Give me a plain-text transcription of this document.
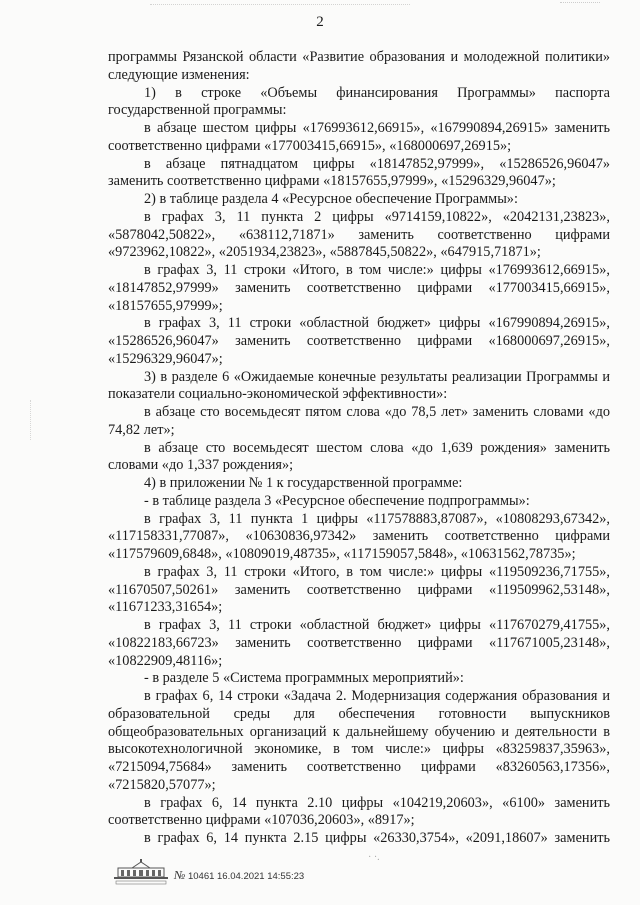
2

программы Рязанской области «Развитие образования и молодежной политики» следующие изменения:

1) в строке «Объемы финансирования Программы» паспорта государственной программы:

в абзаце шестом цифры «176993612,66915», «167990894,26915» заменить соответственно цифрами «177003415,66915», «168000697,26915»;

в абзаце пятнадцатом цифры «18147852,97999», «15286526,96047» заменить соответственно цифрами «18157655,97999», «15296329,96047»;

2) в таблице раздела 4 «Ресурсное обеспечение Программы»:

в графах 3, 11 пункта 2 цифры «9714159,10822», «2042131,23823», «5878042,50822», «638112,71871» заменить соответственно цифрами «9723962,10822», «2051934,23823», «5887845,50822», «647915,71871»;

в графах 3, 11 строки «Итого, в том числе:» цифры «176993612,66915», «18147852,97999» заменить соответственно цифрами «177003415,66915», «18157655,97999»;

в графах 3, 11 строки «областной бюджет» цифры «167990894,26915», «15286526,96047» заменить соответственно цифрами «168000697,26915», «15296329,96047»;

3) в разделе 6 «Ожидаемые конечные результаты реализации Программы и показатели социально-экономической эффективности»:

в абзаце сто восемьдесят пятом слова «до 78,5 лет» заменить словами «до 74,82 лет»;

в абзаце сто восемьдесят шестом слова «до 1,639 рождения» заменить словами «до 1,337 рождения»;

4) в приложении № 1 к государственной программе:

- в таблице раздела 3 «Ресурсное обеспечение подпрограммы»:

в графах 3, 11 пункта 1 цифры «117578883,87087», «10808293,67342», «117158331,77087», «10630836,97342» заменить соответственно цифрами «117579609,6848», «10809019,48735», «117159057,5848», «10631562,78735»;

в графах 3, 11 строки «Итого, в том числе:» цифры «119509236,71755», «11670507,50261» заменить соответственно цифрами «119509962,53148», «11671233,31654»;

в графах 3, 11 строки «областной бюджет» цифры «117670279,41755», «10822183,66723» заменить соответственно цифрами «117671005,23148», «10822909,48116»;

- в разделе 5 «Система программных мероприятий»:

в графах 6, 14 строки «Задача 2. Модернизация содержания образования и образовательной среды для обеспечения готовности выпускников общеобразовательных организаций к дальнейшему обучению и деятельности в высокотехнологичной экономике, в том числе:» цифры «83259837,35963», «7215094,75684» заменить соответственно цифрами «83260563,17356», «7215820,57077»;

в графах 6, 14 пункта 2.10 цифры «104219,20603», «6100» заменить соответственно цифрами «107036,20603», «8917»;

в графах 6, 14 пункта 2.15 цифры «26330,3754», «2091,18607» заменить

· ·.
№ 10461 16.04.2021 14:55:23
